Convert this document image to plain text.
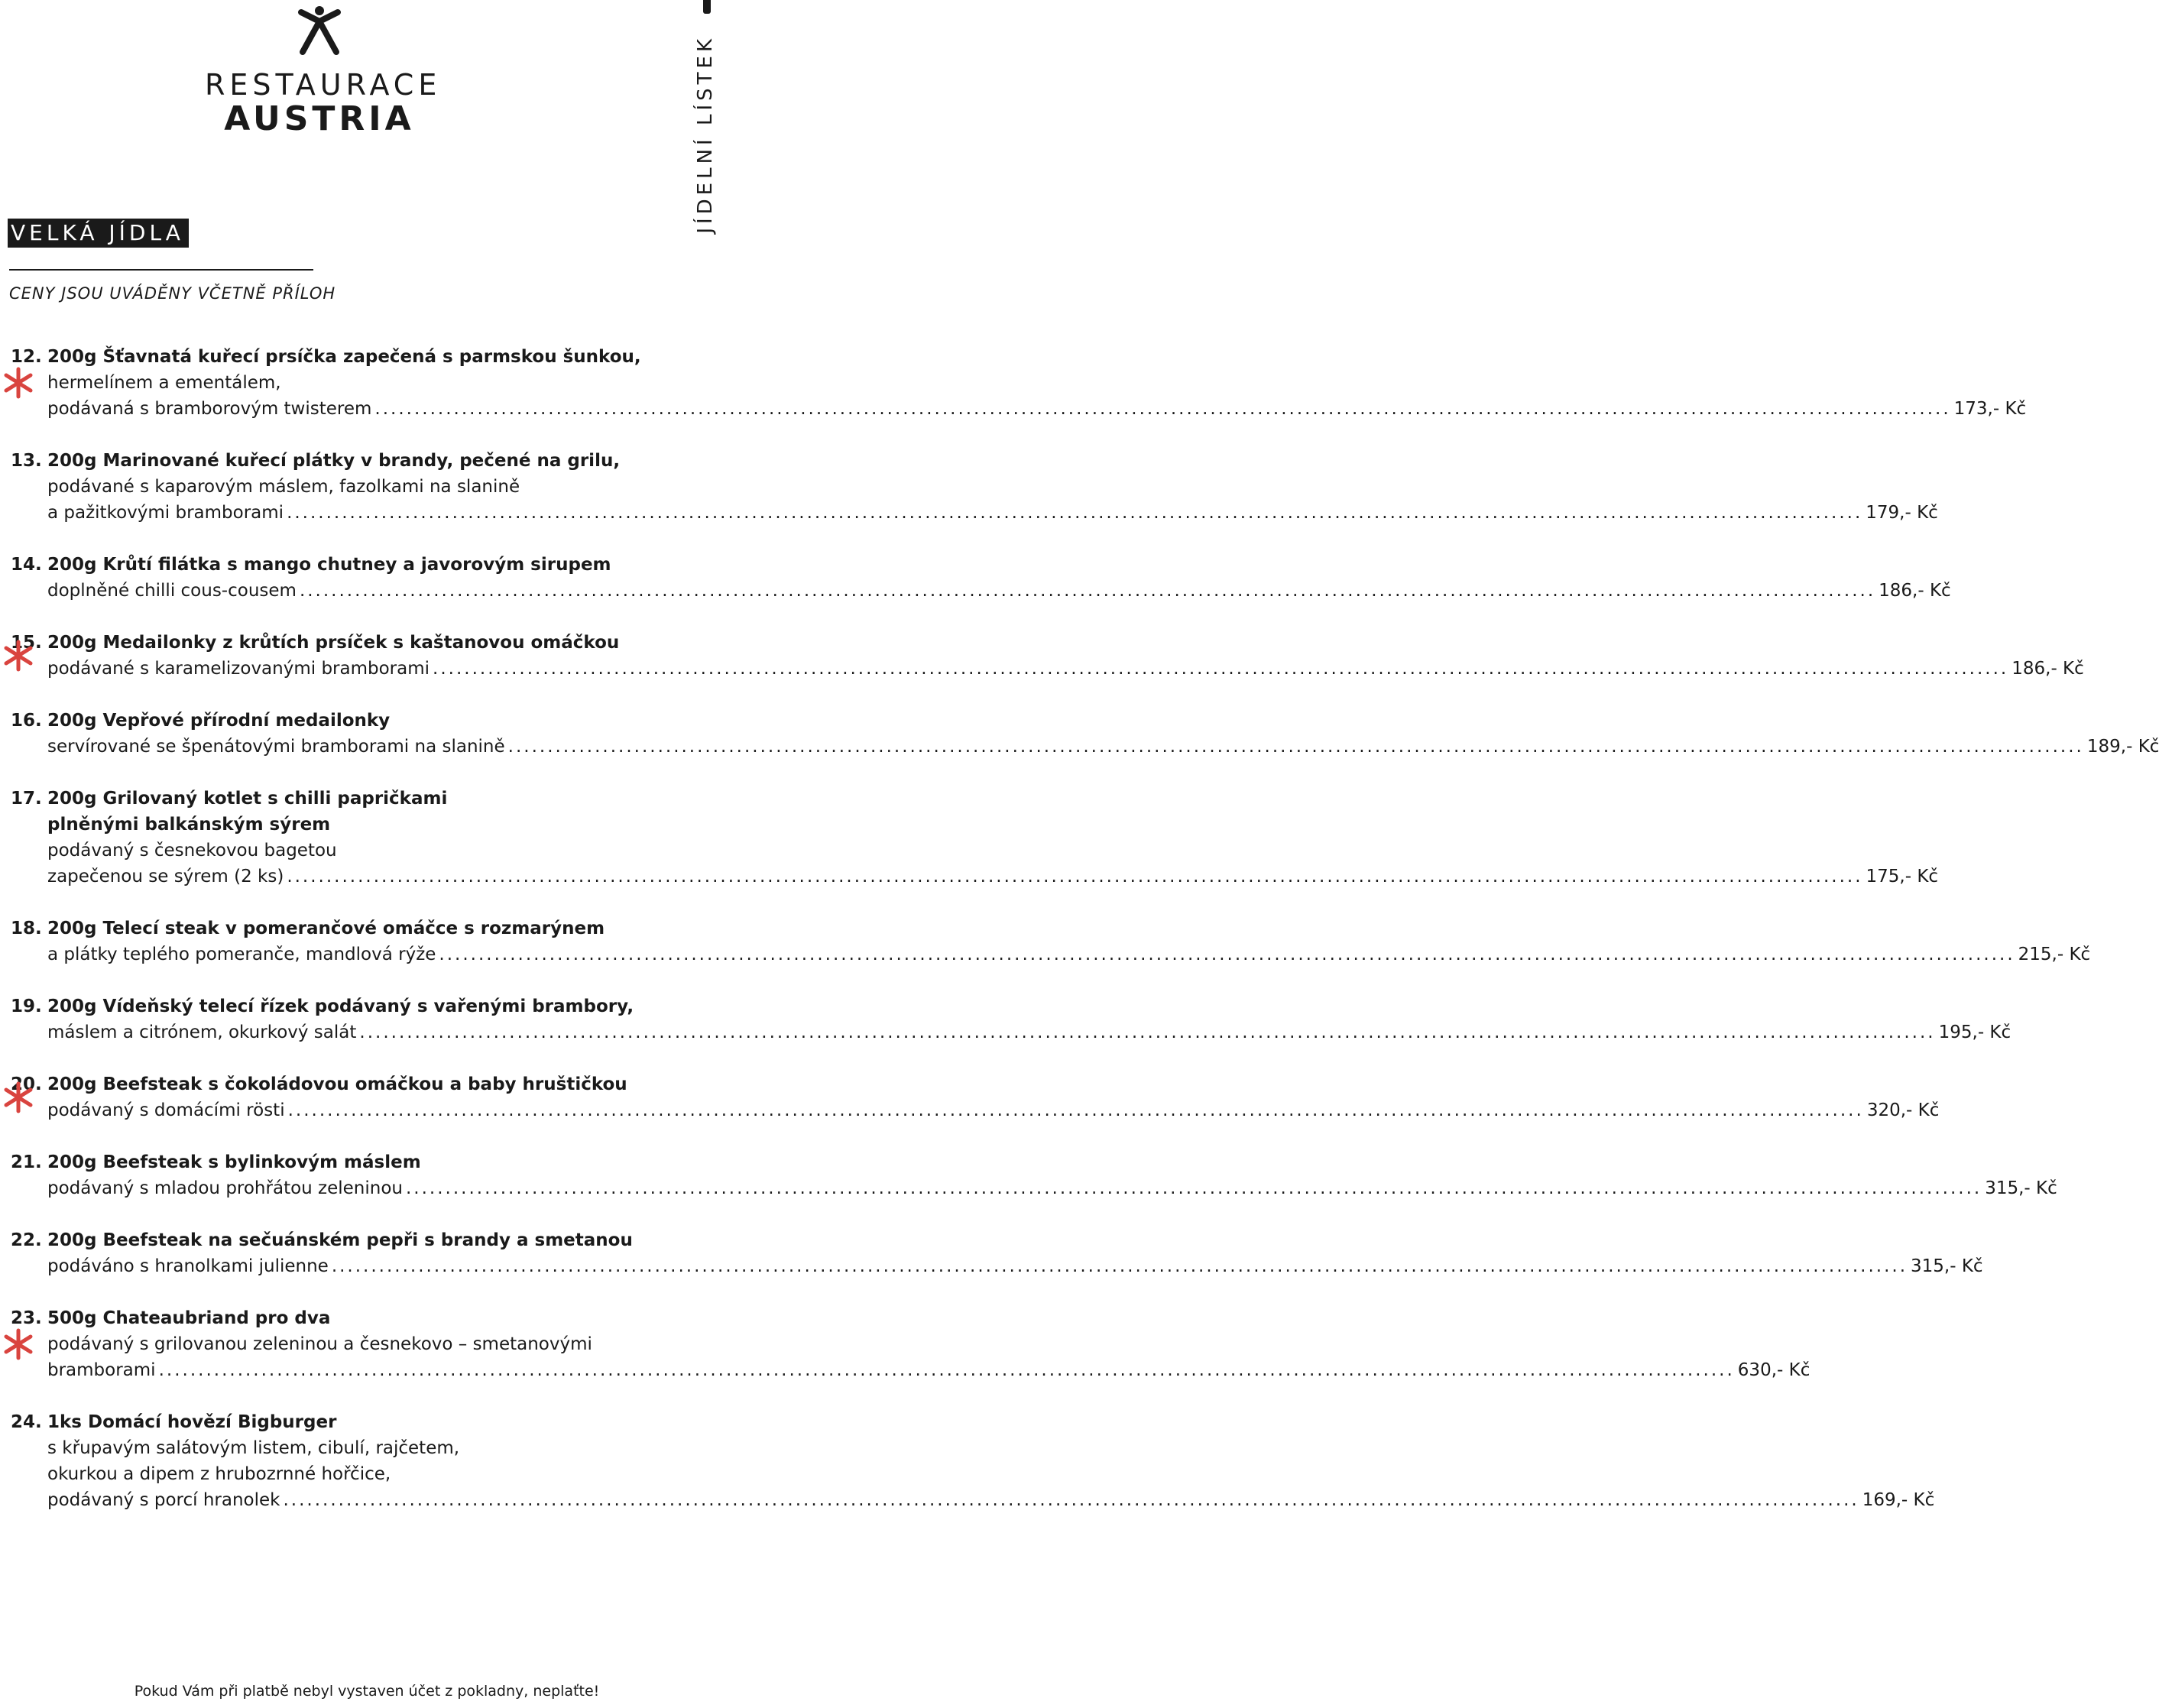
RESTAURACE
AUSTRIA	JÍDELNÍ LÍSTEK
VELKÁ JÍDLA
CENY JSOU UVÁDĚNY VČETNĚ PŘÍLOH
12. 200g Šťavnatá kuřecí prsíčka zapečená s parmskou šunkou,
hermelínem a ementálem,
podávaná s bramborovým twisterem ........................................................................................................................................................................................................ 173,- Kč
13. 200g Marinované kuřecí plátky v brandy, pečené na grilu,
podávané s kaparovým máslem, fazolkami na slanině
a pažitkovými bramborami ........................................................................................................................................................................................................ 179,- Kč
14. 200g Krůtí filátka s mango chutney a javorovým sirupem
doplněné chilli cous-cousem ........................................................................................................................................................................................................ 186,- Kč
15. 200g Medailonky z krůtích prsíček s kaštanovou omáčkou
podávané s karamelizovanými bramborami ........................................................................................................................................................................................................ 186,- Kč
16. 200g Vepřové přírodní medailonky
servírované se špenátovými bramborami na slanině ........................................................................................................................................................................................................ 189,- Kč
17. 200g Grilovaný kotlet s chilli papričkami
plněnými balkánským sýrem
podávaný s česnekovou bagetou
zapečenou se sýrem (2 ks) ........................................................................................................................................................................................................ 175,- Kč
18. 200g Telecí steak v pomerančové omáčce s rozmarýnem
a plátky teplého pomeranče, mandlová rýže ........................................................................................................................................................................................................ 215,- Kč
19. 200g Vídeňský telecí řízek podávaný s vařenými brambory,
máslem a citrónem, okurkový salát ........................................................................................................................................................................................................ 195,- Kč
20. 200g Beefsteak s čokoládovou omáčkou a baby hruštičkou
podávaný s domácími rösti ........................................................................................................................................................................................................ 320,- Kč
21. 200g Beefsteak s bylinkovým máslem
podávaný s mladou prohřátou zeleninou ........................................................................................................................................................................................................ 315,- Kč
22. 200g Beefsteak na sečuánském pepři s brandy a smetanou
podáváno s hranolkami julienne ........................................................................................................................................................................................................ 315,- Kč
23. 500g Chateaubriand pro dva
podávaný s grilovanou zeleninou a česnekovo – smetanovými
bramborami ........................................................................................................................................................................................................ 630,- Kč
24. 1ks Domácí hovězí Bigburger
s křupavým salátovým listem, cibulí, rajčetem,
okurkou a dipem z hrubozrnné hořčice,
podávaný s porcí hranolek ........................................................................................................................................................................................................ 169,- Kč
Pokud Vám při platbě nebyl vystaven účet z pokladny, neplaťte!
